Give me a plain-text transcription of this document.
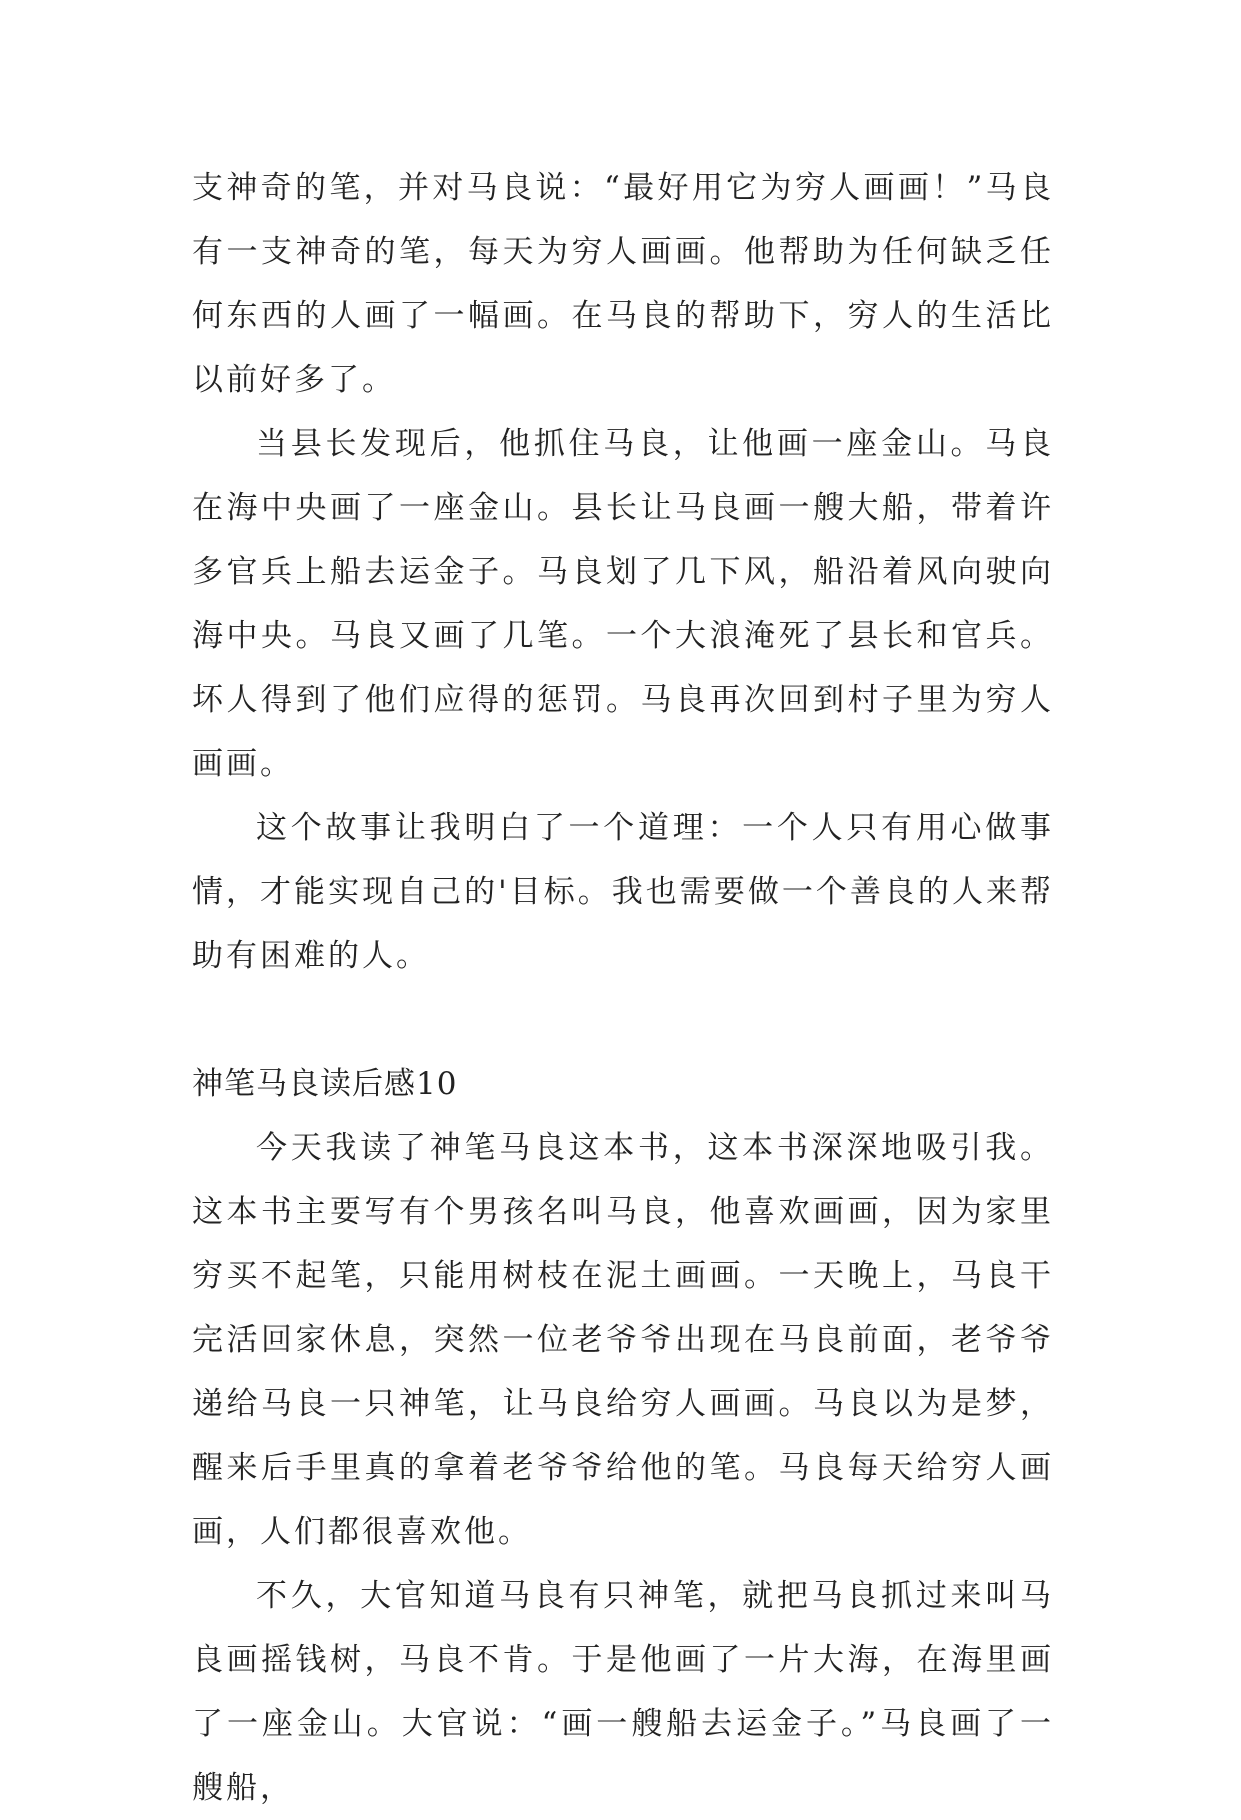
支神奇的笔，并对马良说：“最好用它为穷人画画！”马良有一支神奇的笔，每天为穷人画画。他帮助为任何缺乏任何东西的人画了一幅画。在马良的帮助下，穷人的生活比以前好多了。

当县长发现后，他抓住马良，让他画一座金山。马良在海中央画了一座金山。县长让马良画一艘大船，带着许多官兵上船去运金子。马良划了几下风，船沿着风向驶向海中央。马良又画了几笔。一个大浪淹死了县长和官兵。坏人得到了他们应得的惩罚。马良再次回到村子里为穷人画画。

这个故事让我明白了一个道理：一个人只有用心做事情，才能实现自己的'目标。我也需要做一个善良的人来帮助有困难的人。

神笔马良读后感10

今天我读了神笔马良这本书，这本书深深地吸引我。这本书主要写有个男孩名叫马良，他喜欢画画，因为家里穷买不起笔，只能用树枝在泥土画画。一天晚上，马良干完活回家休息，突然一位老爷爷出现在马良前面，老爷爷递给马良一只神笔，让马良给穷人画画。马良以为是梦，醒来后手里真的拿着老爷爷给他的笔。马良每天给穷人画画，人们都很喜欢他。

不久，大官知道马良有只神笔，就把马良抓过来叫马良画摇钱树，马良不肯。于是他画了一片大海，在海里画了一座金山。大官说：“画一艘船去运金子。”马良画了一艘船，
